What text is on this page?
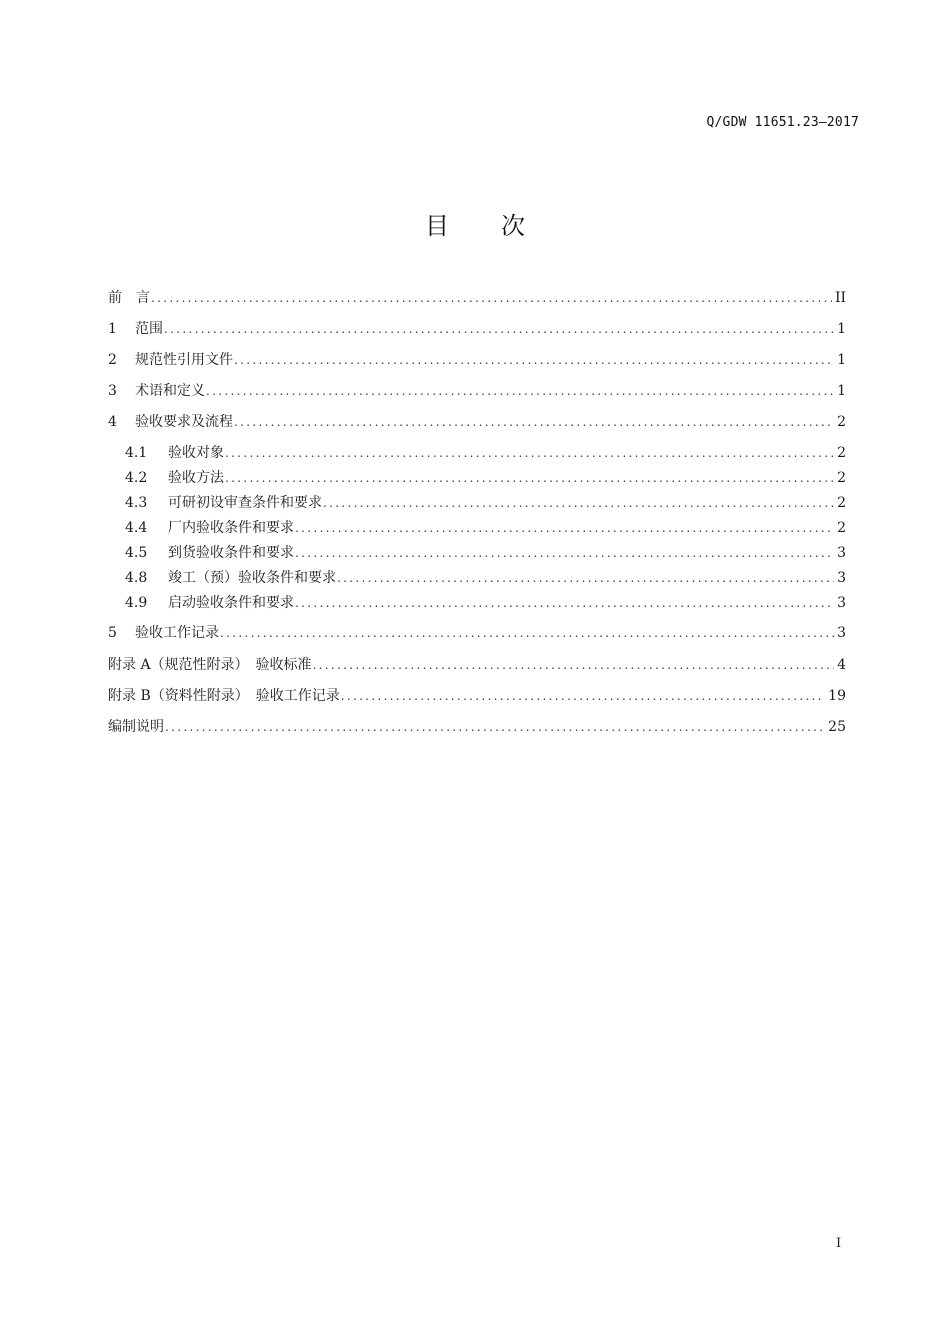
Q/GDW 11651.23—2017
目 次
前　言 .....	II
1	范围 .....	1
2	规范性引用文件 .....	1
3	术语和定义 .....	1
4	验收要求及流程 .....	2
4.1	验收对象 .....	2
4.2	验收方法 .....	2
4.3	可研初设审查条件和要求 .....	2
4.4	厂内验收条件和要求 .....	2
4.5	到货验收条件和要求 .....	3
4.8	竣工（预）验收条件和要求 .....	3
4.9	启动验收条件和要求 .....	3
5	验收工作记录 .....	3
附录 A（规范性附录）　验收标准 .....	4
附录 B（资料性附录）　验收工作记录 .....	19
编制说明 .....	25
I
